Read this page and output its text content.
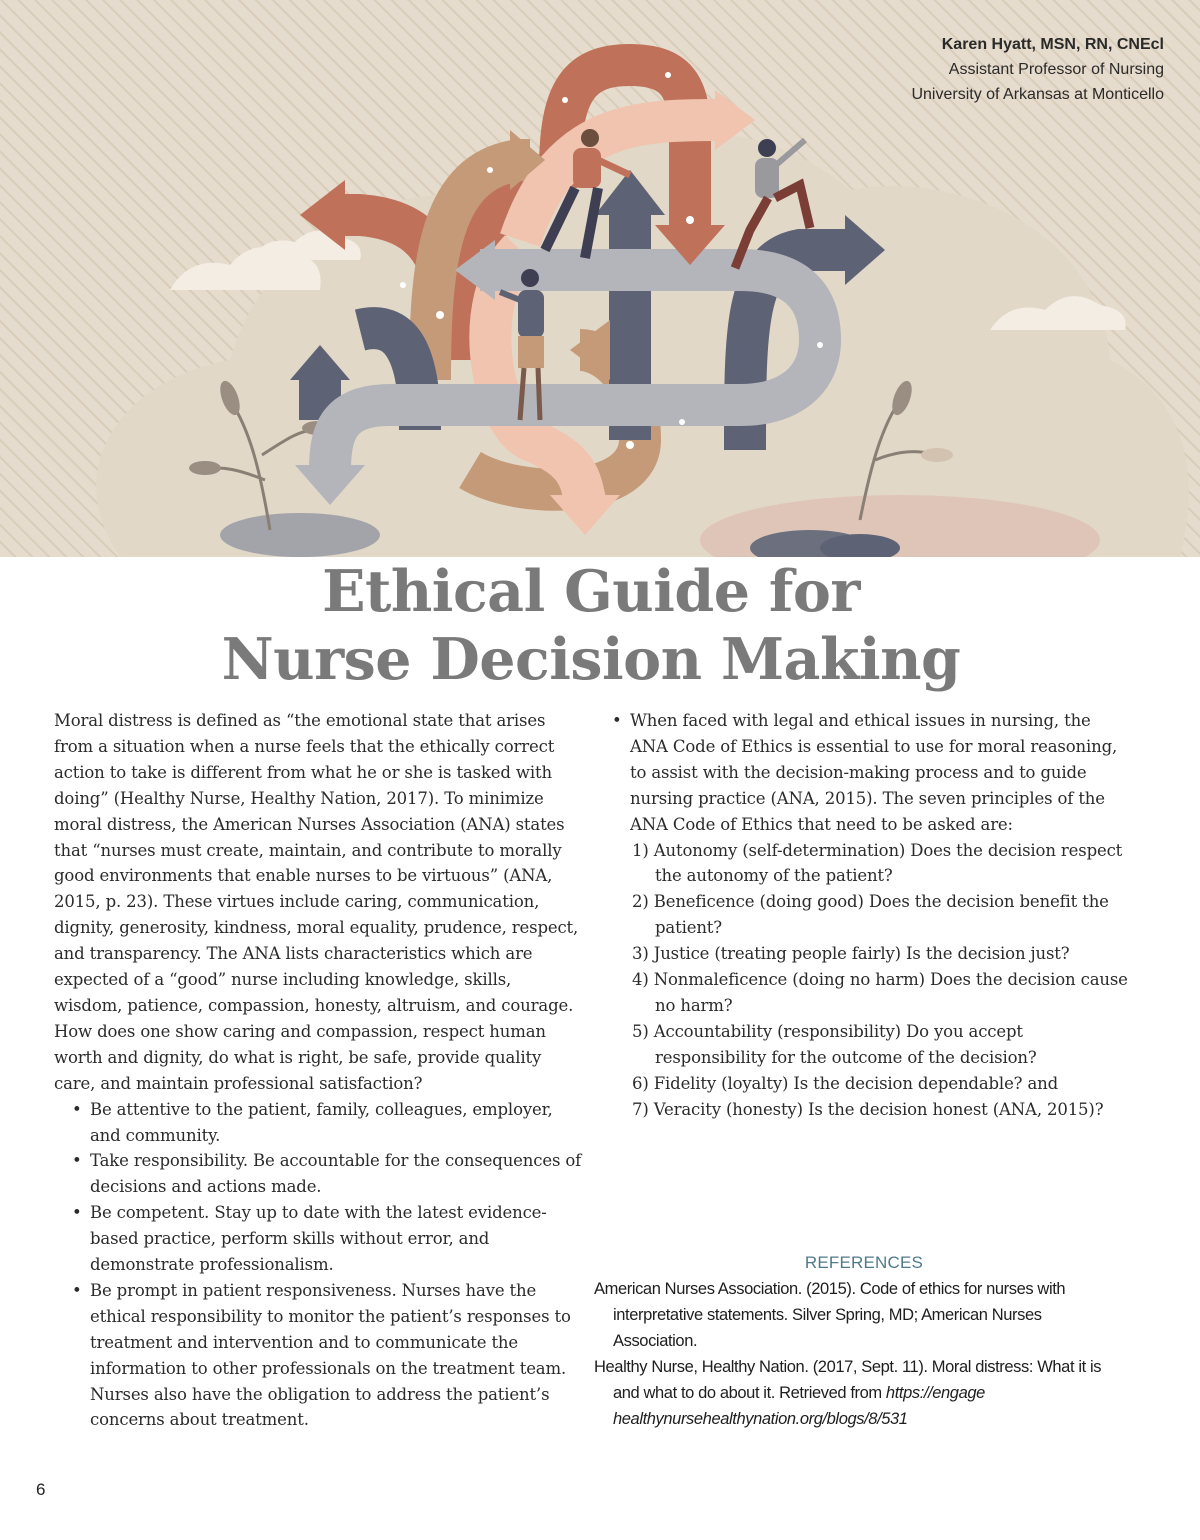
Karen Hyatt, MSN, RN, CNEcl
Assistant Professor of Nursing
University of Arkansas at Monticello
Ethical Guide for
Nurse Decision Making

Moral distress is defined as “the emotional state that arises from a situation when a nurse feels that the ethically correct action to take is different from what he or she is tasked with doing” (Healthy Nurse, Healthy Nation, 2017). To minimize moral distress, the American Nurses Association (ANA) states that “nurses must create, maintain, and contribute to morally good environments that enable nurses to be virtuous” (ANA, 2015, p. 23). These virtues include caring, communication, dignity, generosity, kindness, moral equality, prudence, respect, and transparency. The ANA lists characteristics which are expected of a “good” nurse including knowledge, skills, wisdom, patience, compassion, honesty, altruism, and courage. How does one show caring and compassion, respect human worth and dignity, do what is right, be safe, provide quality care, and maintain professional satisfaction?

• Be attentive to the patient, family, colleagues, employer, and community.
• Take responsibility. Be accountable for the consequences of decisions and actions made.
• Be competent. Stay up to date with the latest evidence-based practice, perform skills without error, and demonstrate professionalism.
• Be prompt in patient responsiveness. Nurses have the ethical responsibility to monitor the patient’s responses to treatment and intervention and to communicate the information to other professionals on the treatment team. Nurses also have the obligation to address the patient’s concerns about treatment.

• When faced with legal and ethical issues in nursing, the ANA Code of Ethics is essential to use for moral reasoning, to assist with the decision-making process and to guide nursing practice (ANA, 2015). The seven principles of the ANA Code of Ethics that need to be asked are:

1) Autonomy (self-determination) Does the decision respect the autonomy of the patient?
2) Beneficence (doing good) Does the decision benefit the patient?
3) Justice (treating people fairly) Is the decision just?
4) Nonmaleficence (doing no harm) Does the decision cause no harm?
5) Accountability (responsibility) Do you accept responsibility for the outcome of the decision?
6) Fidelity (loyalty) Is the decision dependable? and
7) Veracity (honesty) Is the decision honest (ANA, 2015)?
REFERENCES
American Nurses Association. (2015). Code of ethics for nurses with interpretative statements. Silver Spring, MD; American Nurses Association.
Healthy Nurse, Healthy Nation. (2017, Sept. 11). Moral distress: What it is and what to do about it. Retrieved from https://engage healthynursehealthynation.org/blogs/8/531
6
